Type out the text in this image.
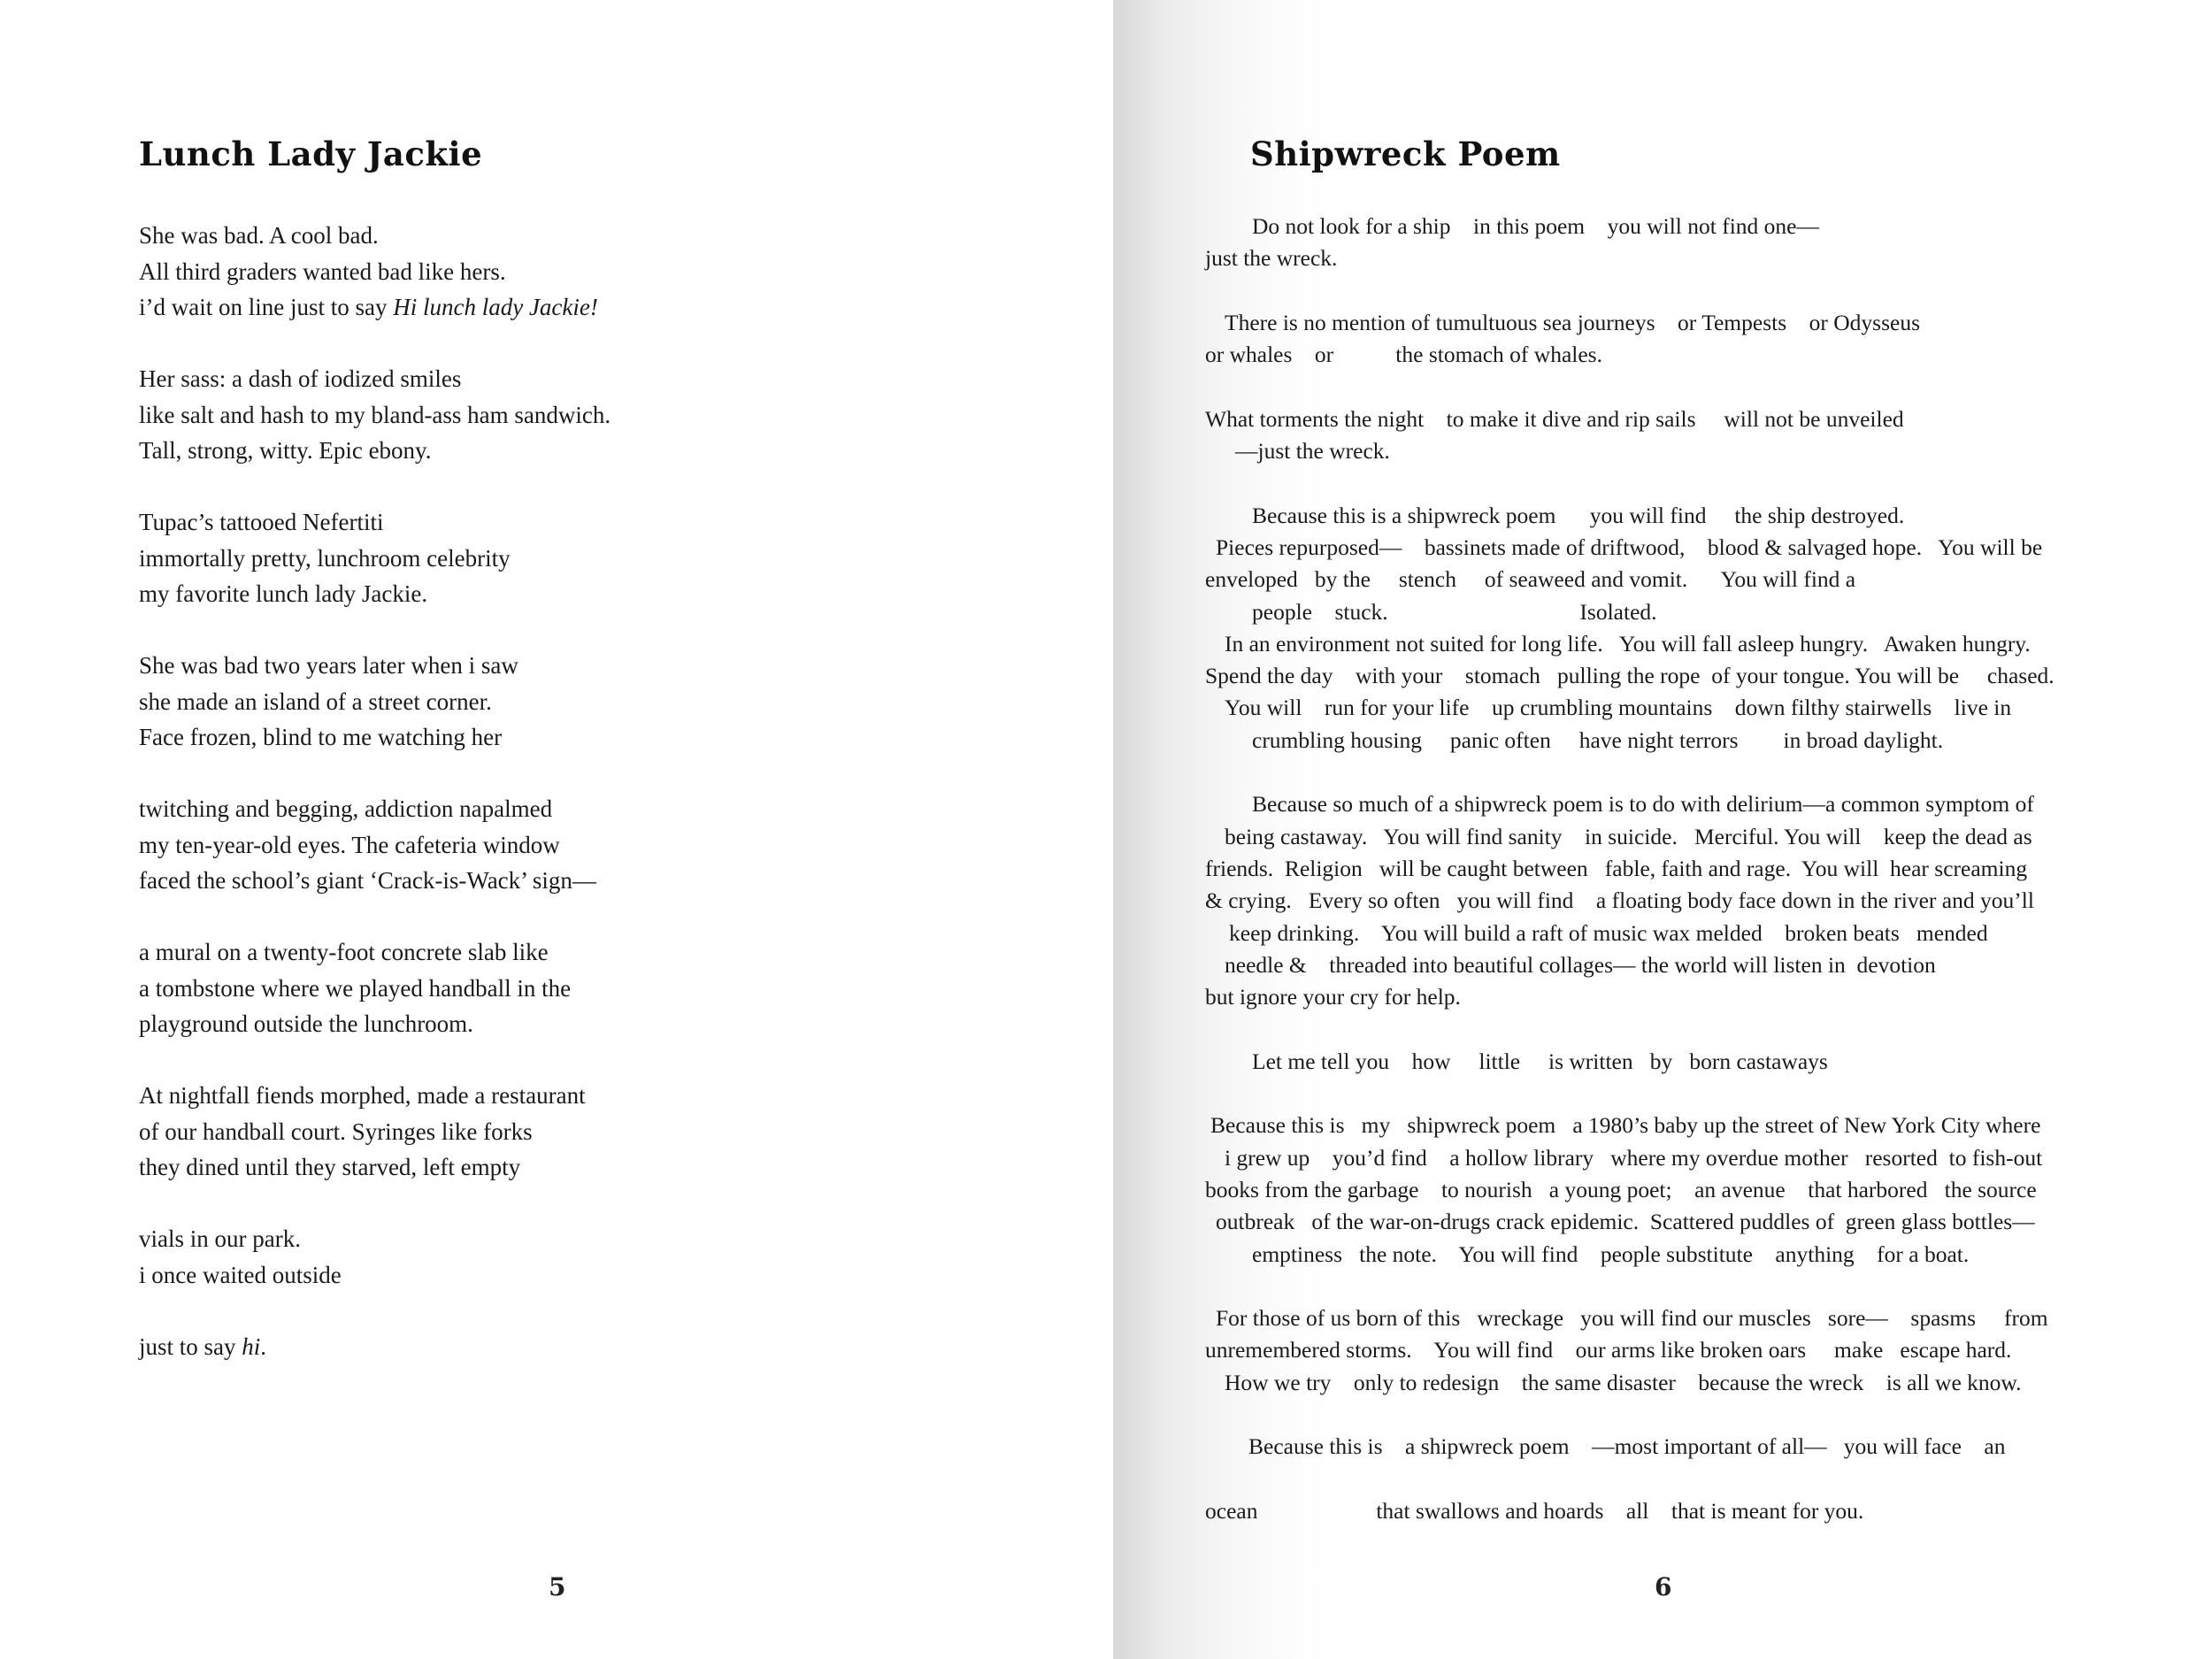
Lunch Lady Jackie
She was bad. A cool bad.
All third graders wanted bad like hers.
i’d wait on line just to say Hi lunch lady Jackie!
Her sass: a dash of iodized smiles
like salt and hash to my bland-ass ham sandwich.
Tall, strong, witty. Epic ebony.
Tupac’s tattooed Nefertiti
immortally pretty, lunchroom celebrity
my favorite lunch lady Jackie.
She was bad two years later when i saw
she made an island of a street corner.
Face frozen, blind to me watching her
twitching and begging, addiction napalmed
my ten-year-old eyes. The cafeteria window
faced the school’s giant ‘Crack-is-Wack’ sign—
a mural on a twenty-foot concrete slab like
a tombstone where we played handball in the
playground outside the lunchroom.
At nightfall fiends morphed, made a restaurant
of our handball court. Syringes like forks
they dined until they starved, left empty
vials in our park.
i once waited outside
just to say hi.
5
Shipwreck Poem
Do not look for a ship    in this poem    you will not find one—
just the wreck.
There is no mention of tumultuous sea journeys    or Tempests    or Odysseus
or whales    or           the stomach of whales.
What torments the night    to make it dive and rip sails     will not be unveiled
—just the wreck.
Because this is a shipwreck poem      you will find     the ship destroyed.
Pieces repurposed—    bassinets made of driftwood,    blood & salvaged hope.   You will be
enveloped   by the     stench     of seaweed and vomit.      You will find a
people    stuck.                                  Isolated.
In an environment not suited for long life.   You will fall asleep hungry.   Awaken hungry.
Spend the day    with your    stomach   pulling the rope  of your tongue. You will be     chased.
You will    run for your life    up crumbling mountains    down filthy stairwells    live in
crumbling housing     panic often     have night terrors        in broad daylight.
Because so much of a shipwreck poem is to do with delirium—a common symptom of
being castaway.   You will find sanity    in suicide.   Merciful. You will    keep the dead as
friends.  Religion   will be caught between   fable, faith and rage.  You will  hear screaming
& crying.   Every so often   you will find    a floating body face down in the river and you’ll
keep drinking.    You will build a raft of music wax melded    broken beats   mended
needle &    threaded into beautiful collages— the world will listen in  devotion
but ignore your cry for help.
Let me tell you    how     little     is written   by   born castaways
Because this is   my   shipwreck poem   a 1980’s baby up the street of New York City where
i grew up    you’d find    a hollow library   where my overdue mother   resorted  to fish-out
books from the garbage    to nourish   a young poet;    an avenue    that harbored   the source
outbreak   of the war-on-drugs crack epidemic.  Scattered puddles of  green glass bottles—
emptiness   the note.    You will find    people substitute    anything    for a boat.
For those of us born of this   wreckage   you will find our muscles   sore—    spasms     from
unremembered storms.    You will find    our arms like broken oars     make   escape hard.
How we try    only to redesign    the same disaster    because the wreck    is all we know.
Because this is    a shipwreck poem    —most important of all—   you will face    an
ocean                     that swallows and hoards    all    that is meant for you.
6
